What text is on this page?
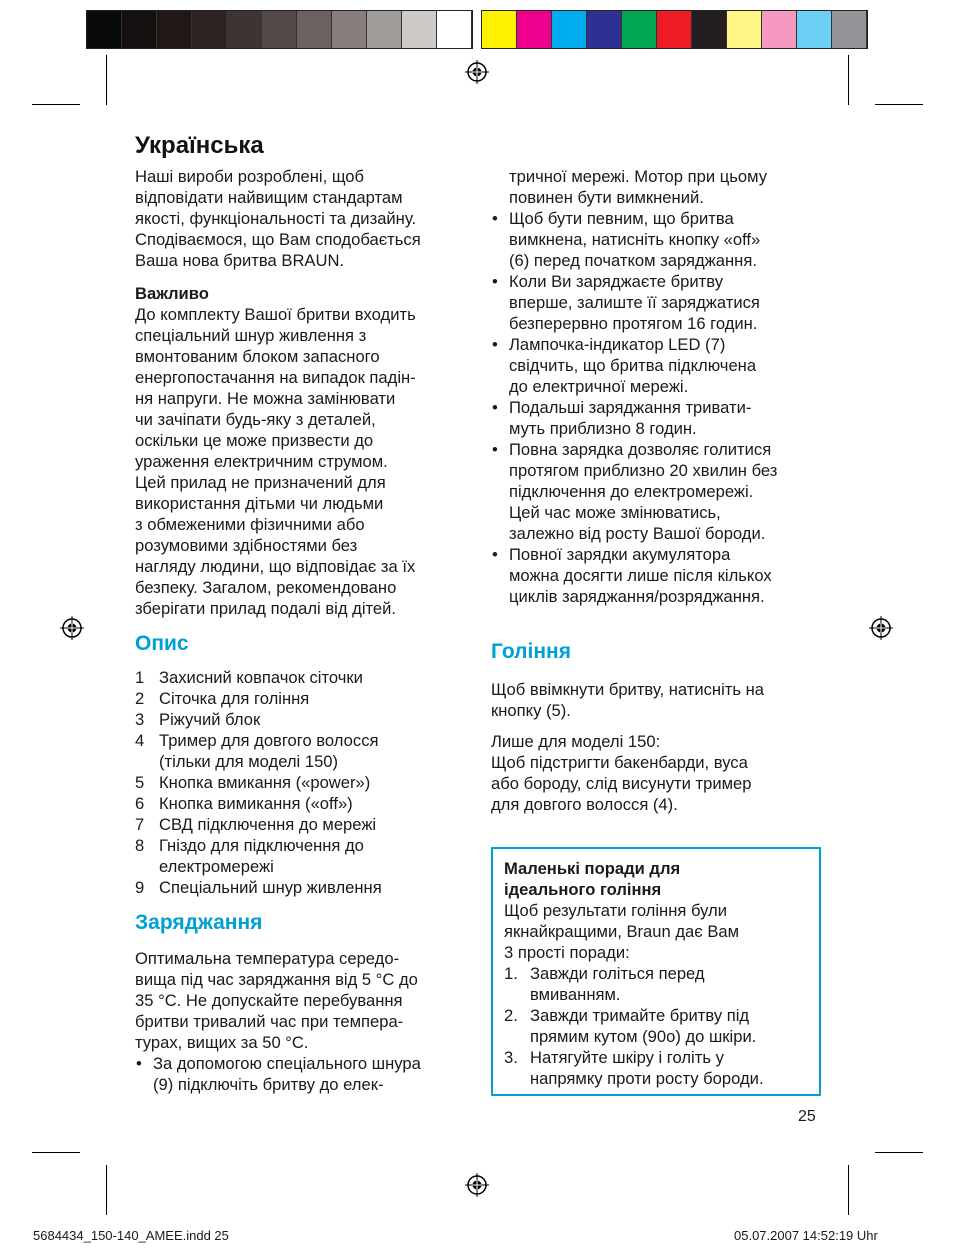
Українська
Наші вироби розроблені, щоб
відповідати найвищим стандартам
якості, функціональності та дизайну.
Сподіваємося, що Вам сподобається
Ваша нова бритва BRAUN.
Важливо
До комплекту Вашої бритви входить
спеціальний шнур живлення з
вмонтованим блоком запасного
енергопостачання на випадок падін-
ня напруги. Не можна замінювати
чи зачіпати будь-яку з деталей,
оскільки це може призвести до
ураження електричним струмом.
Цей прилад не призначений для
використання дітьми чи людьми
з обмеженими фізичними або
розумовими здібностями без
нагляду людини, що відповідає за їх
безпеку. Загалом, рекомендовано
зберігати прилад подалі від дітей.
Опис
1 Захисний ковпачок сіточки
2 Сіточка для гоління
3 Ріжучий блок
4 Тример для довгого волосся
(тільки для моделі 150)
5 Кнопка вмикання («power»)
6 Кнопка вимикання («off»)
7 СВД підключення до мережі
8 Гніздо для підключення до
електромережі
9 Спеціальний шнур живлення
Заряджання
Оптимальна температура середо-
вища під час заряджання від 5 °C до
35 °C. Не допускайте перебування
бритви тривалий час при темпера-
турах, вищих за 50 °C.
• За допомогою спеціального шнура
(9) підключіть бритву до елек-
тричної мережі. Мотор при цьому
повинен бути вимкнений.
• Щоб бути певним, що бритва
вимкнена, натисніть кнопку «off»
(6) перед початком заряджання.
• Коли Ви заряджаєте бритву
вперше, залиште її заряджатися
безперервно протягом 16 годин.
• Лампочка-індикатор LED (7)
свідчить, що бритва підключена
до електричної мережі.
• Подальші заряджання тривати-
муть приблизно 8 годин.
• Повна зарядка дозволяє голитися
протягом приблизно 20 хвилин без
підключення до електромережі.
Цей час може змінюватись,
залежно від росту Вашої бороди.
• Повної зарядки акумулятора
можна досягти лише після кількох
циклів заряджання/розряджання.
Гоління
Щоб ввімкнути бритву, натисніть на
кнопку (5).
Лише для моделі 150:
Щоб підстригти бакенбарди, вуса
або бороду, слід висунути тример
для довгого волосся (4).
Маленькі поради для
ідеального гоління
Щоб результати гоління були
якнайкращими, Braun дає Вам
3 прості поради:
1. Завжди голіться перед
вмиванням.
2. Завжди тримайте бритву під
прямим кутом (90o) до шкіри.
3. Натягуйте шкіру і голіть у
напрямку проти росту бороди.
25
5684434_150-140_AMEE.indd 25	05.07.2007 14:52:19 Uhr
